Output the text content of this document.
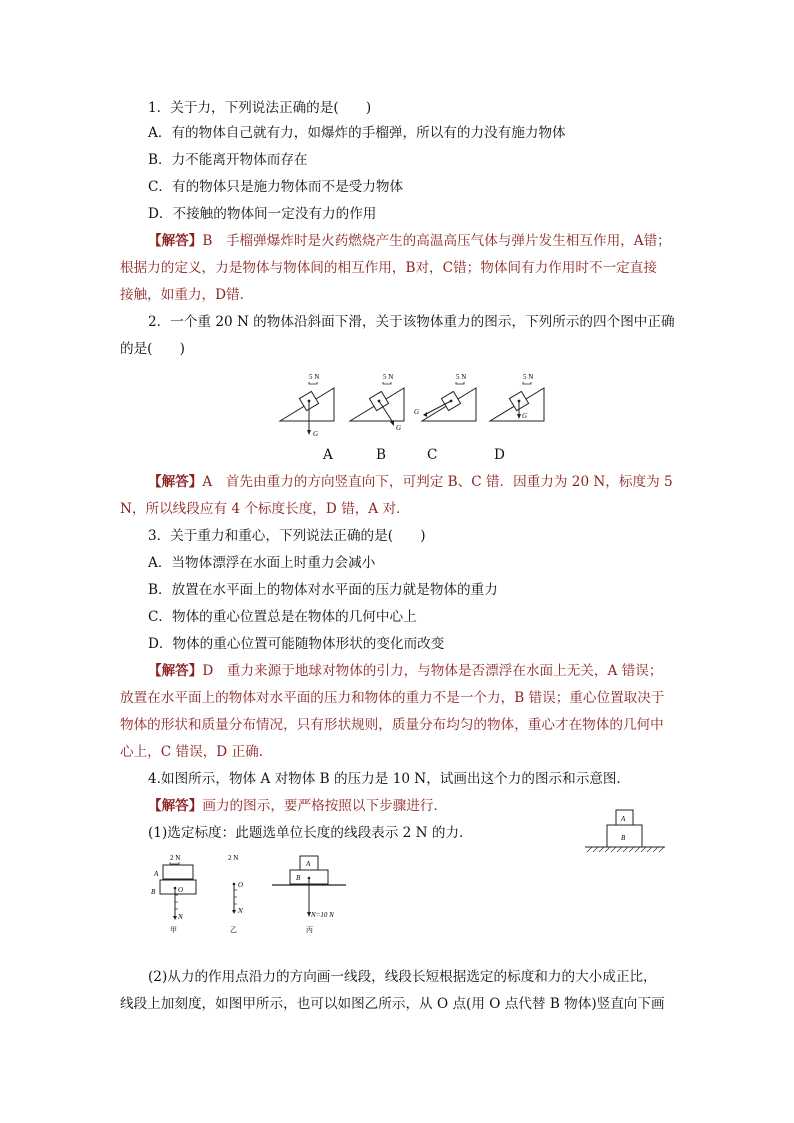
1．关于力，下列说法正确的是(　　)
A．有的物体自己就有力，如爆炸的手榴弹，所以有的力没有施力物体
B．力不能离开物体而存在
C．有的物体只是施力物体而不是受力物体
D．不接触的物体间一定没有力的作用
【解答】B　手榴弹爆炸时是火药燃烧产生的高温高压气体与弹片发生相互作用，A错；
根据力的定义，力是物体与物体间的相互作用，B对，C错；物体间有力作用时不一定直接
接触，如重力，D错．
2．一个重 20 N 的物体沿斜面下滑，关于该物体重力的图示，下列所示的四个图中正确
的是(　　)
G
5 N
G
5 N
G
5 N
G
5 N
A	B	C	D
【解答】A　首先由重力的方向竖直向下，可判定 B、C 错．因重力为 20 N，标度为 5
N，所以线段应有 4 个标度长度，D 错，A 对．
3．关于重力和重心，下列说法正确的是(　　)
A．当物体漂浮在水面上时重力会减小
B．放置在水平面上的物体对水平面的压力就是物体的重力
C．物体的重心位置总是在物体的几何中心上
D．物体的重心位置可能随物体形状的变化而改变
【解答】D　重力来源于地球对物体的引力，与物体是否漂浮在水面上无关，A 错误；
放置在水平面上的物体对水平面的压力和物体的重力不是一个力，B 错误；重心位置取决于
物体的形状和质量分布情况，只有形状规则，质量分布均匀的物体，重心才在物体的几何中
心上，C 错误，D 正确．
4.如图所示，物体 A 对物体 B 的压力是 10 N，试画出这个力的图示和示意图．
【解答】画力的图示，要严格按照以下步骤进行．
(1)选定标度：此题选单位长度的线段表示 2 N 的力．
A
B
2 N
A
B	O
N
甲
2 N
O
N
乙
A
B
N=10 N
丙
(2)从力的作用点沿力的方向画一线段，线段长短根据选定的标度和力的大小成正比，
线段上加刻度，如图甲所示，也可以如图乙所示，从 O 点(用 O 点代替 B 物体)竖直向下画
